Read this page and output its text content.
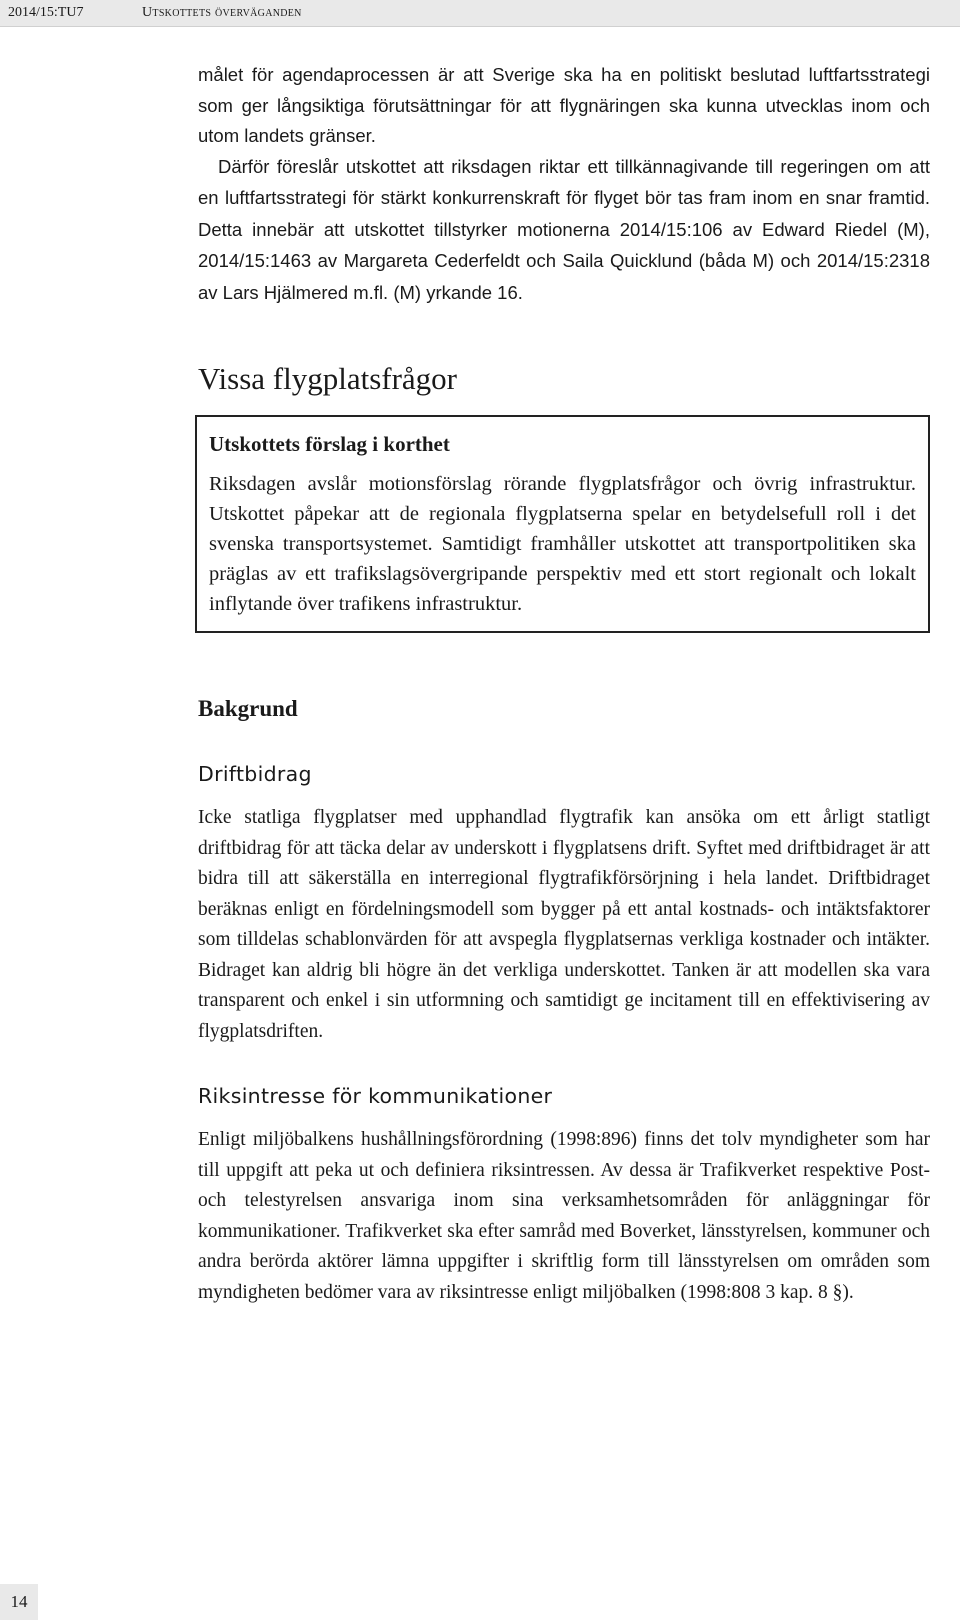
2014/15:TU7	Utskottets överväganden

målet för agendaprocessen är att Sverige ska ha en politiskt beslutad luftfartsstrategi som ger långsiktiga förutsättningar för att flygnäringen ska kunna utvecklas inom och utom landets gränser.

Därför föreslår utskottet att riksdagen riktar ett tillkännagivande till regeringen om att en luftfartsstrategi för stärkt konkurrenskraft för flyget bör tas fram inom en snar framtid. Detta innebär att utskottet tillstyrker motionerna 2014/15:106 av Edward Riedel (M), 2014/15:1463 av Margareta Cederfeldt och Saila Quicklund (båda M) och 2014/15:2318 av Lars Hjälmered m.fl. (M) yrkande 16.

Vissa flygplatsfrågor
Utskottets förslag i korthet
Riksdagen avslår motionsförslag rörande flygplatsfrågor och övrig infrastruktur. Utskottet påpekar att de regionala flygplatserna spelar en betydelsefull roll i det svenska transportsystemet. Samtidigt framhåller utskottet att transportpolitiken ska präglas av ett trafikslagsövergripande perspektiv med ett stort regionalt och lokalt inflytande över trafikens infrastruktur.
Bakgrund
Driftbidrag

Icke statliga flygplatser med upphandlad flygtrafik kan ansöka om ett årligt statligt driftbidrag för att täcka delar av underskott i flygplatsens drift. Syftet med driftbidraget är att bidra till att säkerställa en interregional flygtrafikförsörjning i hela landet. Driftbidraget beräknas enligt en fördelningsmodell som bygger på ett antal kostnads- och intäktsfaktorer som tilldelas schablonvärden för att avspegla flygplatsernas verkliga kostnader och intäkter. Bidraget kan aldrig bli högre än det verkliga underskottet. Tanken är att modellen ska vara transparent och enkel i sin utformning och samtidigt ge incitament till en effektivisering av flygplatsdriften.

Riksintresse för kommunikationer

Enligt miljöbalkens hushållningsförordning (1998:896) finns det tolv myndigheter som har till uppgift att peka ut och definiera riksintressen. Av dessa är Trafikverket respektive Post- och telestyrelsen ansvariga inom sina verksamhetsområden för anläggningar för kommunikationer. Trafikverket ska efter samråd med Boverket, länsstyrelsen, kommuner och andra berörda aktörer lämna uppgifter i skriftlig form till länsstyrelsen om områden som myndigheten bedömer vara av riksintresse enligt miljöbalken (1998:808 3 kap. 8 §).

14
